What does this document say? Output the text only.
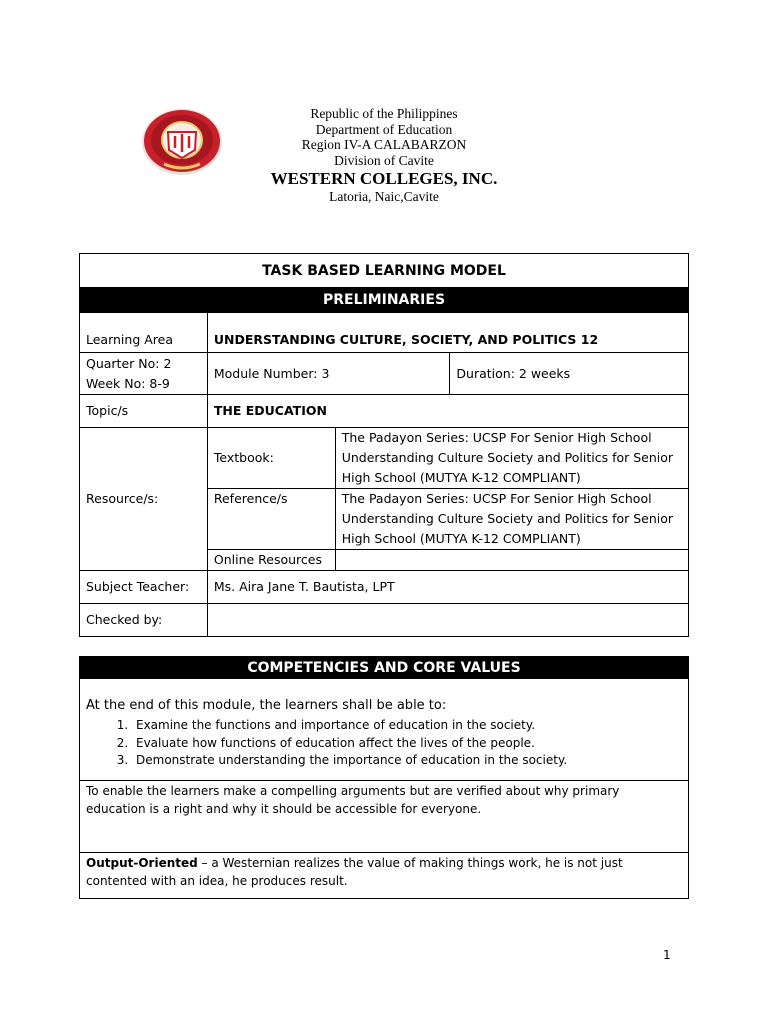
Republic of the Philippines
Department of Education
Region IV-A CALABARZON
Division of Cavite
WESTERN COLLEGES, INC.
Latoria, Naic,Cavite
TASK BASED LEARNING MODEL			
PRELIMINARIES			
Learning Area	UNDERSTANDING CULTURE, SOCIETY, AND POLITICS 12		

Quarter No: 2
Week No: 8-9	Module Number: 3		Duration: 2 weeks
Topic/s	THE EDUCATION		
Resource/s:	Textbook:	The Padayon Series: UCSP For Senior High School Understanding Culture Society and Politics for Senior High School (MUTYA K-12 COMPLIANT)	
	Reference/s	The Padayon Series: UCSP For Senior High School Understanding Culture Society and Politics for Senior High School (MUTYA K-12 COMPLIANT)	
	Online Resources		
Subject Teacher:	Ms. Aira Jane T. Bautista, LPT		
Checked by:			
COMPETENCIES AND CORE VALUES

At the end of this module, the learners shall be able to:
1. Examine the functions and importance of education in the society.
2. Evaluate how functions of education affect the lives of the people.
3. Demonstrate understanding the importance of education in the society.

To enable the learners make a compelling arguments but are verified about why primary education is a right and why it should be accessible for everyone.
Output-Oriented – a Westernian realizes the value of making things work, he is not just contented with an idea, he produces result.
1
